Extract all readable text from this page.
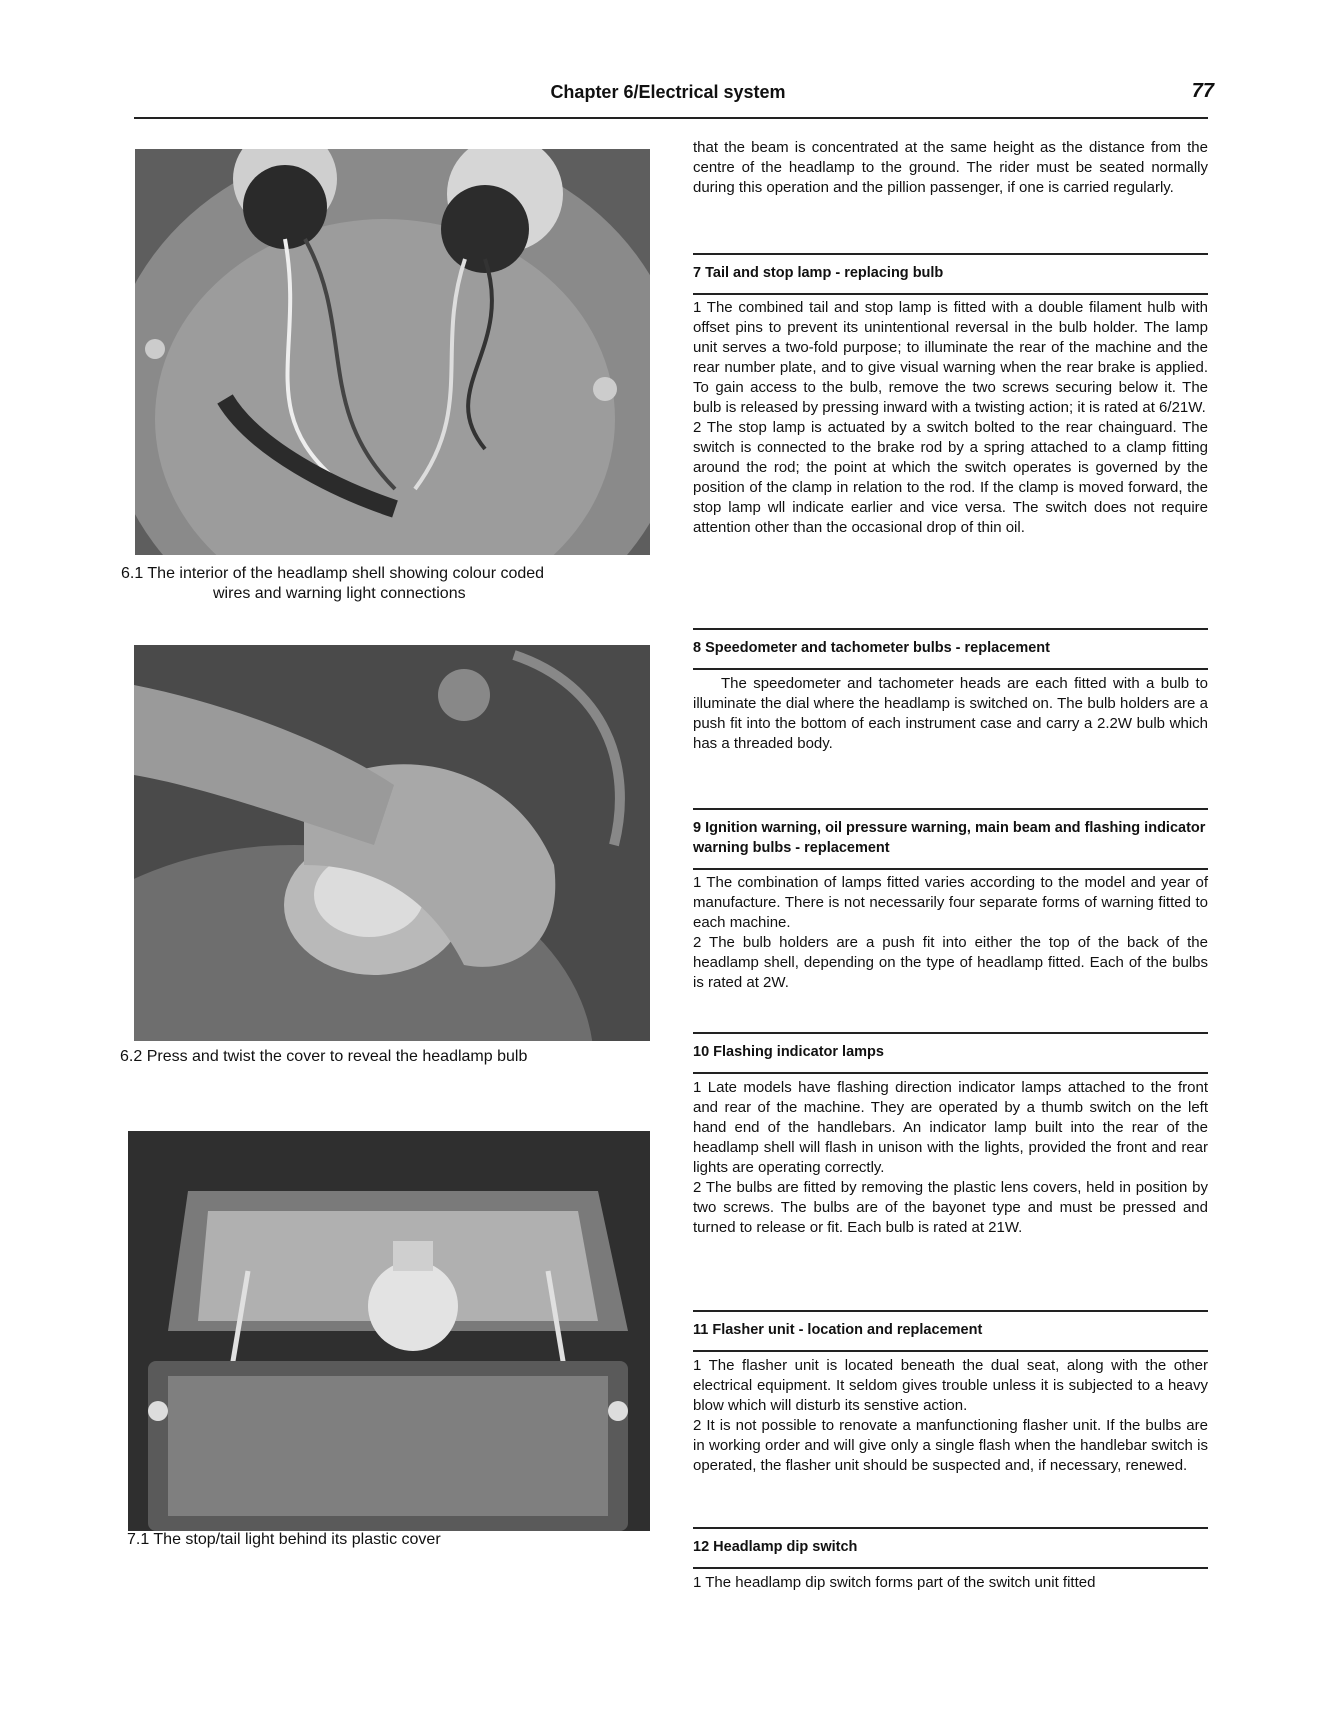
Chapter 6/Electrical system	77
6.1 The interior of the headlamp shell showing colour coded
wires and warning light connections
6.2 Press and twist the cover to reveal the headlamp bulb
7.1 The stop/tail light behind its plastic cover

that the beam is concentrated at the same height as the distance from the centre of the headlamp to the ground. The rider must be seated normally during this operation and the pillion passenger, if one is carried regularly.

7 Tail and stop lamp - replacing bulb

1 The combined tail and stop lamp is fitted with a double filament hulb with offset pins to prevent its unintentional reversal in the bulb holder. The lamp unit serves a two-fold purpose; to illuminate the rear of the machine and the rear number plate, and to give visual warning when the rear brake is applied. To gain access to the bulb, remove the two screws securing below it. The bulb is released by pressing inward with a twisting action; it is rated at 6/21W.

2 The stop lamp is actuated by a switch bolted to the rear chainguard. The switch is connected to the brake rod by a spring attached to a clamp fitting around the rod; the point at which the switch operates is governed by the position of the clamp in relation to the rod. If the clamp is moved forward, the stop lamp wll indicate earlier and vice versa. The switch does not require attention other than the occasional drop of thin oil.

8 Speedometer and tachometer bulbs - replacement

The speedometer and tachometer heads are each fitted with a bulb to illuminate the dial where the headlamp is switched on. The bulb holders are a push fit into the bottom of each instrument case and carry a 2.2W bulb which has a threaded body.

9 Ignition warning, oil pressure warning, main beam and flashing indicator warning bulbs - replacement

1 The combination of lamps fitted varies according to the model and year of manufacture. There is not necessarily four separate forms of warning fitted to each machine.

2 The bulb holders are a push fit into either the top of the back of the headlamp shell, depending on the type of headlamp fitted. Each of the bulbs is rated at 2W.

10 Flashing indicator lamps

1 Late models have flashing direction indicator lamps attached to the front and rear of the machine. They are operated by a thumb switch on the left hand end of the handlebars. An indicator lamp built into the rear of the headlamp shell will flash in unison with the lights, provided the front and rear lights are operating correctly.

2 The bulbs are fitted by removing the plastic lens covers, held in position by two screws. The bulbs are of the bayonet type and must be pressed and turned to release or fit. Each bulb is rated at 21W.

11 Flasher unit - location and replacement

1 The flasher unit is located beneath the dual seat, along with the other electrical equipment. It seldom gives trouble unless it is subjected to a heavy blow which will disturb its senstive action.

2 It is not possible to renovate a manfunctioning flasher unit. If the bulbs are in working order and will give only a single flash when the handlebar switch is operated, the flasher unit should be suspected and, if necessary, renewed.

12 Headlamp dip switch

1 The headlamp dip switch forms part of the switch unit fitted
